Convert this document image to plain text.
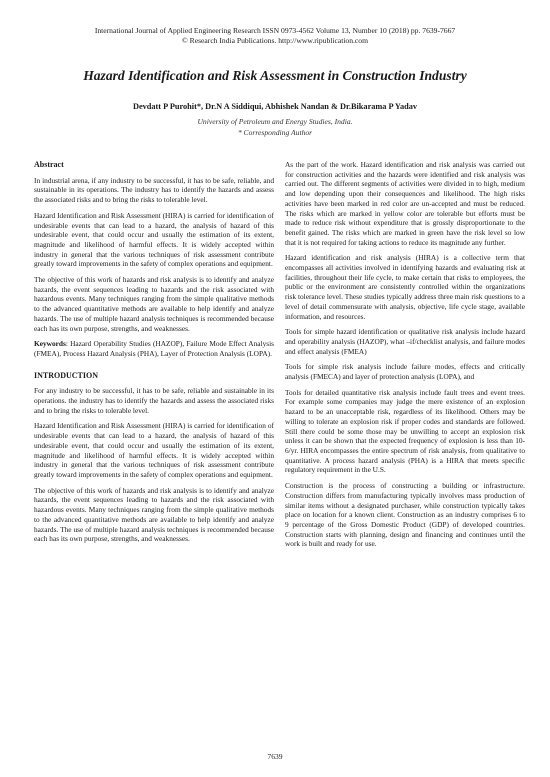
International Journal of Applied Engineering Research ISSN 0973-4562 Volume 13, Number 10 (2018) pp. 7639-7667
© Research India Publications. http://www.ripublication.com
Hazard Identification and Risk Assessment in Construction Industry
Devdatt P Purohit*, Dr.N A Siddiqui, Abhishek Nandan & Dr.Bikarama P Yadav
University of Petroleum and Energy Studies, India.
* Corresponding Author
Abstract

In industrial arena, if any industry to be successful, it has to be safe, reliable, and sustainable in its operations. The industry has to identify the hazards and assess the associated risks and to bring the risks to tolerable level.

Hazard Identification and Risk Assessment (HIRA) is carried for identification of undesirable events that can lead to a hazard, the analysis of hazard of this undesirable event, that could occur and usually the estimation of its extent, magnitude and likelihood of harmful effects. It is widely accepted within industry in general that the various techniques of risk assessment contribute greatly toward improvements in the safety of complex operations and equipment.

The objective of this work of hazards and risk analysis is to identify and analyze hazards, the event sequences leading to hazards and the risk associated with hazardous events. Many techniques ranging from the simple qualitative methods to the advanced quantitative methods are available to help identify and analyze hazards. The use of multiple hazard analysis techniques is recommended because each has its own purpose, strengths, and weaknesses.

Keywords: Hazard Operability Studies (HAZOP), Failure Mode Effect Analysis (FMEA), Process Hazard Analysis (PHA), Layer of Protection Analysis (LOPA).

INTRODUCTION

For any industry to be successful, it has to be safe, reliable and sustainable in its operations. the industry has to identify the hazards and assess the associated risks and to bring the risks to tolerable level.

Hazard Identification and Risk Assessment (HIRA) is carried for identification of undesirable events that can lead to a hazard, the analysis of hazard of this undesirable event, that could occur and usually the estimation of its extent, magnitude and likelihood of harmful effects. It is widely accepted within industry in general that the various techniques of risk assessment contribute greatly toward improvements in the safety of complex operations and equipment.

The objective of this work of hazards and risk analysis is to identify and analyze hazards, the event sequences leading to hazards and the risk associated with hazardous events. Many techniques ranging from the simple qualitative methods to the advanced quantitative methods are available to help identify and analyze hazards. The use of multiple hazard analysis techniques is recommended because each has its own purpose, strengths, and weaknesses.

As the part of the work. Hazard identification and risk analysis was carried out for construction activities and the hazards were identified and risk analysis was carried out. The different segments of activities were divided in to high, medium and low depending upon their consequences and likelihood. The high risks activities have been marked in red color are un-accepted and must be reduced. The risks which are marked in yellow color are tolerable but efforts must be made to reduce risk without expenditure that is grossly disproportionate to the benefit gained. The risks which are marked in green have the risk level so low that it is not required for taking actions to reduce its magnitude any further.

Hazard identification and risk analysis (HIRA) is a collective term that encompasses all activities involved in identifying hazards and evaluating risk at facilities, throughout their life cycle, to make certain that risks to employees, the public or the environment are consistently controlled within the organizations risk tolerance level. These studies typically address three main risk questions to a level of detail commensurate with analysis, objective, life cycle stage, available information, and resources.

Tools for simple hazard identification or qualitative risk analysis include hazard and operability analysis (HAZOP), what –if/checklist analysis, and failure modes and effect analysis (FMEA)

Tools for simple risk analysis include failure modes, effects and critically analysis (FMECA) and layer of protection analysis (LOPA), and

Tools for detailed quantitative risk analysis include fault trees and event trees. For example some companies may judge the mere existence of an explosion hazard to be an unacceptable risk, regardless of its likelihood. Others may be willing to tolerate an explosion risk if proper codes and standards are followed. Still there could be some those may be unwilling to accept an explosion risk unless it can be shown that the expected frequency of explosion is less than 10-6/yr. HIRA encompasses the entire spectrum of risk analysis, from qualitative to quantitative. A process hazard analysis (PHA) is a HIRA that meets specific regulatory requirement in the U.S.

Construction is the process of constructing a building or infrastructure. Construction differs from manufacturing typically involves mass production of similar items without a designated purchaser, while construction typically takes place on location for a known client. Construction as an industry comprises 6 to 9 percentage of the Gross Domestic Product (GDP) of developed countries. Construction starts with planning, design and financing and continues until the work is built and ready for use.

7639
